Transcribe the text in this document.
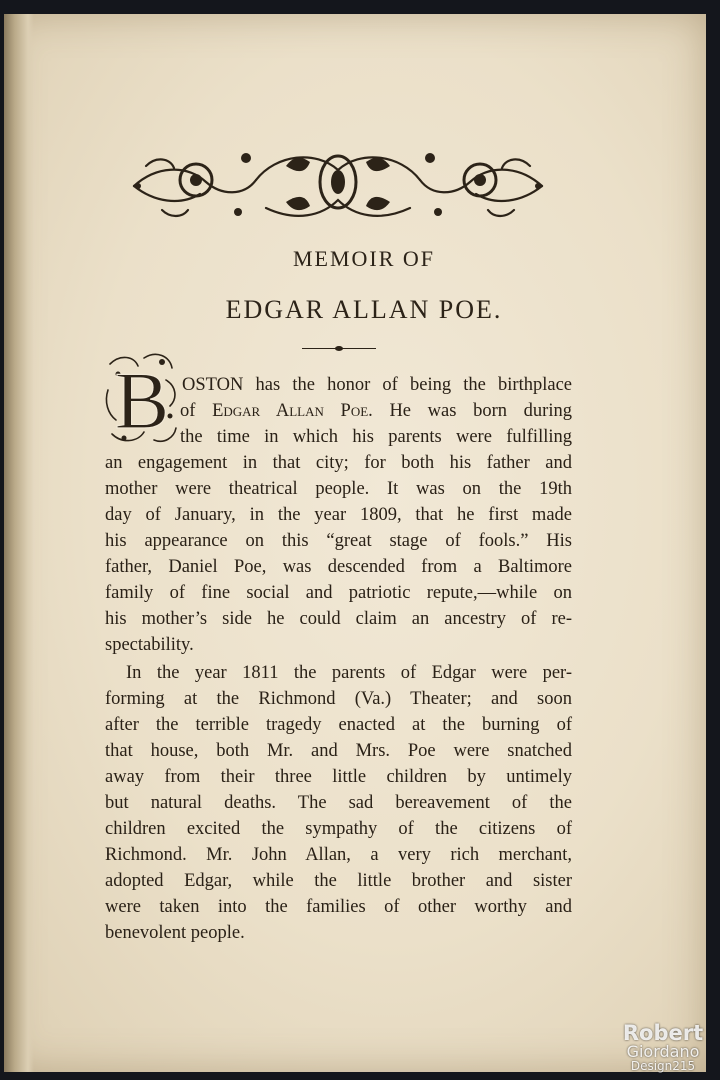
MEMOIR OF
EDGAR ALLAN POE.
B OSTON has the honor of being the birthplace

of Edgar Allan Poe. He was born during

the time in which his parents were fulfilling

an engagement in that city; for both his father and

mother were theatrical people. It was on the 19th

day of January, in the year 1809, that he first made

his appearance on this “great stage of fools.” His

father, Daniel Poe, was descended from a Baltimore

family of fine social and patriotic repute,—while on

his mother’s side he could claim an ancestry of re-

spectability.

In the year 1811 the parents of Edgar were per-

forming at the Richmond (Va.) Theater; and soon

after the terrible tragedy enacted at the burning of

that house, both Mr. and Mrs. Poe were snatched

away from their three little children by untimely

but natural deaths. The sad bereavement of the

children excited the sympathy of the citizens of

Richmond. Mr. John Allan, a very rich merchant,

adopted Edgar, while the little brother and sister

were taken into the families of other worthy and

benevolent people.

Robert
Giordano
Design215
